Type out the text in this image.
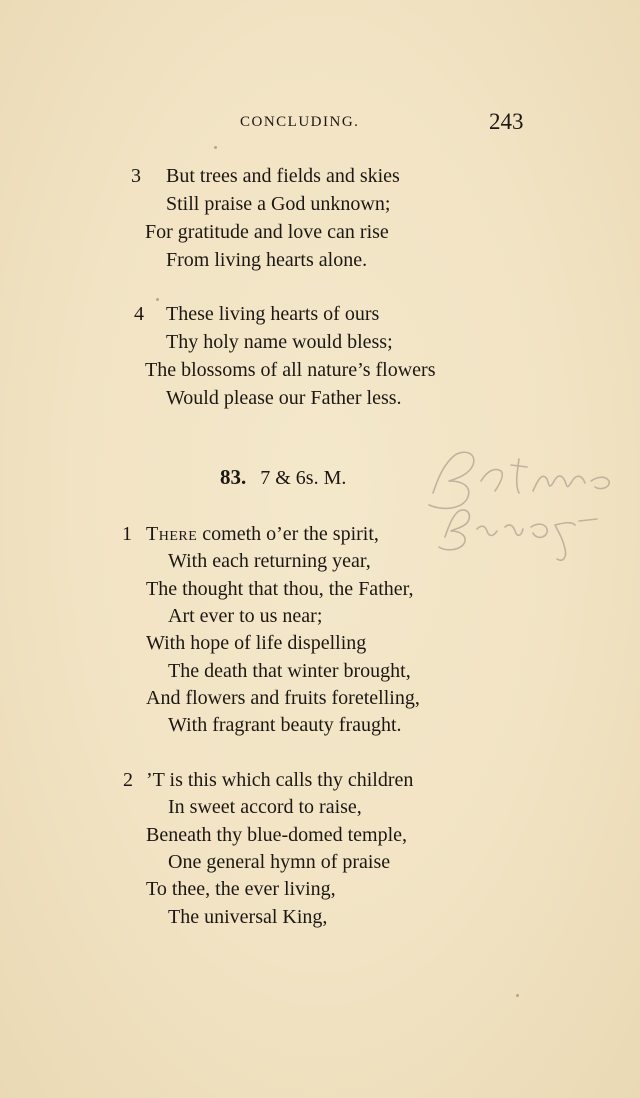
CONCLUDING.	243
3 But trees and fields and skies
Still praise a God unknown;
For gratitude and love can rise
From living hearts alone.
4 These living hearts of ours
Thy holy name would bless;
The blossoms of all nature’s flowers
Would please our Father less.
83. 7 & 6s. M.
1 There cometh o’er the spirit,
With each returning year,
The thought that thou, the Father,
Art ever to us near;
With hope of life dispelling
The death that winter brought,
And flowers and fruits foretelling,
With fragrant beauty fraught.
2 ’T is this which calls thy children
In sweet accord to raise,
Beneath thy blue-domed temple,
One general hymn of praise
To thee, the ever living,
The universal King,
